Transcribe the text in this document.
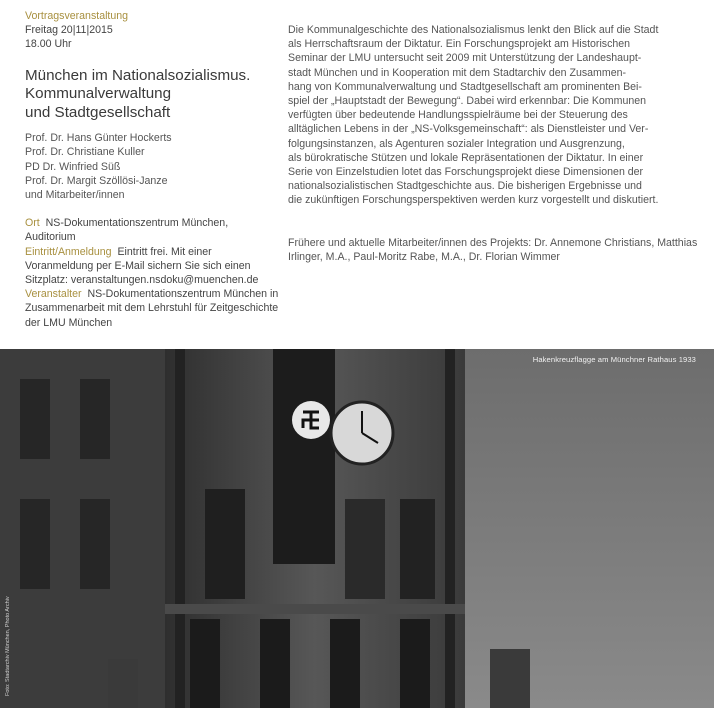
Vortragsveranstaltung
Freitag 20|11|2015
18.00 Uhr
München im Nationalsozialismus.
Kommunalverwaltung
und Stadtgesellschaft
Prof. Dr. Hans Günter Hockerts
Prof. Dr. Christiane Kuller
PD Dr. Winfried Süß
Prof. Dr. Margit Szöllösi-Janze
und Mitarbeiter/innen
Ort NS-Dokumentationszentrum München, Auditorium
Eintritt/Anmeldung Eintritt frei. Mit einer Voranmeldung per E-Mail sichern Sie sich einen Sitzplatz: veranstaltungen.nsdoku@muenchen.de
Veranstalter NS-Dokumentationszentrum München in Zusammenarbeit mit dem Lehrstuhl für Zeitgeschichte der LMU München

Die Kommunalgeschichte des Nationalsozialismus lenkt den Blick auf die Stadt
als Herrschaftsraum der Diktatur. Ein Forschungsprojekt am Historischen
Seminar der LMU untersucht seit 2009 mit Unterstützung der Landeshaupt-
stadt München und in Kooperation mit dem Stadtarchiv den Zusammen-
hang von Kommunalverwaltung und Stadtgesellschaft am prominenten Bei-
spiel der „Hauptstadt der Bewegung“. Dabei wird erkennbar: Die Kommunen
verfügten über bedeutende Handlungsspielräume bei der Steuerung des
alltäglichen Lebens in der „NS-Volksgemeinschaft“: als Dienstleister und Ver-
folgungsinstanzen, als Agenturen sozialer Integration und Ausgrenzung,
als bürokratische Stützen und lokale Repräsentationen der Diktatur. In einer
Serie von Einzelstudien lotet das Forschungsprojekt diese Dimensionen der
nationalsozialistischen Stadtgeschichte aus. Die bisherigen Ergebnisse und
die zukünftigen Forschungsperspektiven werden kurz vorgestellt und diskutiert.

Frühere und aktuelle Mitarbeiter/innen des Projekts: Dr. Annemone Christians, Matthias Irlinger, M.A., Paul-Moritz Rabe, M.A., Dr. Florian Wimmer

Hakenkreuzflagge am Münchner Rathaus 1933
Foto: Stadtarchiv München, Photo Archiv
